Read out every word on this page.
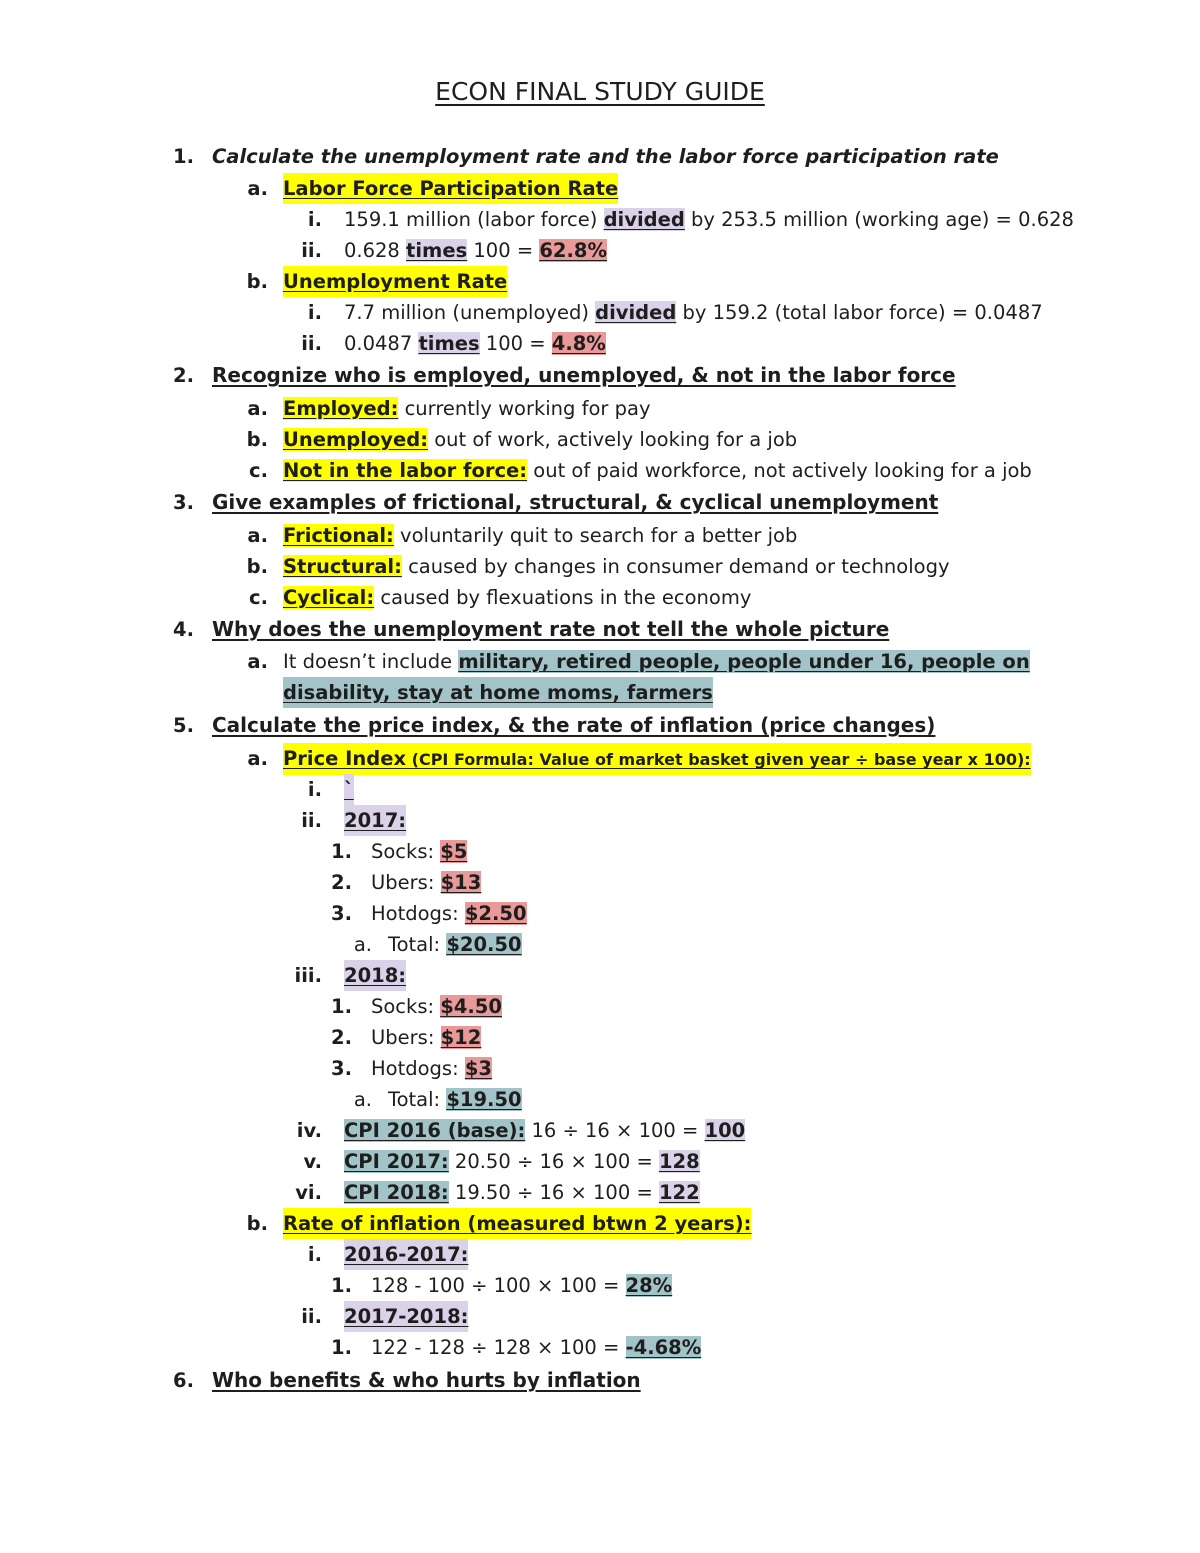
ECON FINAL STUDY GUIDE
1. Calculate the unemployment rate and the labor force participation rate
a. Labor Force Participation Rate
i. 159.1 million (labor force) divided by 253.5 million (working age) = 0.628
ii. 0.628 times 100 = 62.8%
b. Unemployment Rate
i. 7.7 million (unemployed) divided by 159.2 (total labor force) = 0.0487
ii. 0.0487 times 100 = 4.8%
2. Recognize who is employed, unemployed, & not in the labor force
a. Employed: currently working for pay
b. Unemployed: out of work, actively looking for a job
c. Not in the labor force: out of paid workforce, not actively looking for a job
3. Give examples of frictional, structural, & cyclical unemployment
a. Frictional: voluntarily quit to search for a better job
b. Structural: caused by changes in consumer demand or technology
c. Cyclical: caused by flexuations in the economy
4. Why does the unemployment rate not tell the whole picture
a. It doesn’t include military, retired people, people under 16, people on
disability, stay at home moms, farmers
5. Calculate the price index, & the rate of inflation (price changes)
a. Price Index (CPI Formula: Value of market basket given year ÷ base year x 100):
i. `
ii. 2017:
1. Socks: $5
2. Ubers: $13
3. Hotdogs: $2.50
a. Total: $20.50
iii. 2018:
1. Socks: $4.50
2. Ubers: $12
3. Hotdogs: $3
a. Total: $19.50
iv. CPI 2016 (base): 16 ÷ 16 × 100 = 100
v. CPI 2017: 20.50 ÷ 16 × 100 = 128
vi. CPI 2018: 19.50 ÷ 16 × 100 = 122
b. Rate of inflation (measured btwn 2 years):
i. 2016-2017:
1. 128 - 100 ÷ 100 × 100 = 28%
ii. 2017-2018:
1. 122 - 128 ÷ 128 × 100 = -4.68%
6. Who benefits & who hurts by inflation
